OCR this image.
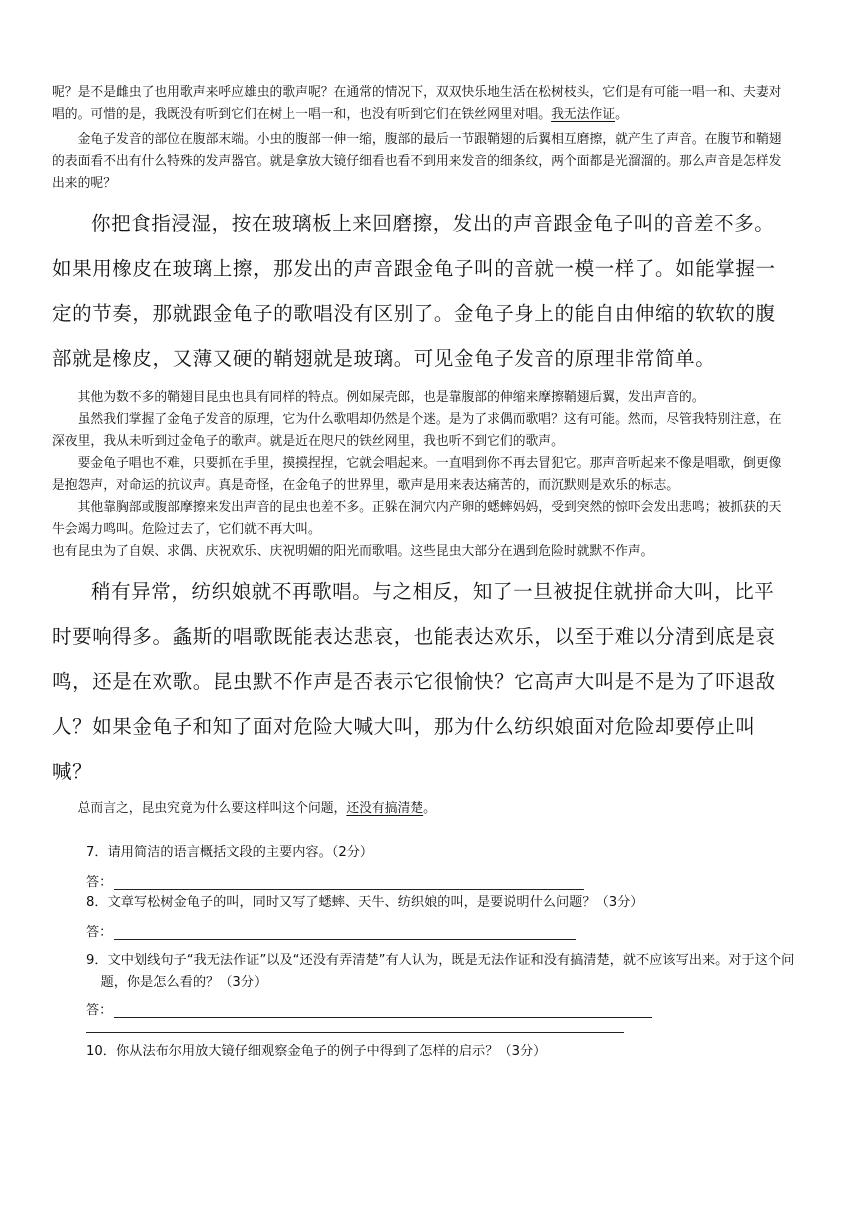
呢？是不是雌虫了也用歌声来呼应雄虫的歌声呢？在通常的情况下，双双快乐地生活在松树枝头，它们是有可能一唱一和、夫妻对唱的。可惜的是，我既没有听到它们在树上一唱一和，也没有听到它们在铁丝网里对唱。我无法作证。

金龟子发音的部位在腹部末端。小虫的腹部一伸一缩，腹部的最后一节跟鞘翅的后翼相互磨擦，就产生了声音。在腹节和鞘翅的表面看不出有什么特殊的发声器官。就是拿放大镜仔细看也看不到用来发音的细条纹，两个面都是光溜溜的。那么声音是怎样发出来的呢？

你把食指浸湿，按在玻璃板上来回磨擦，发出的声音跟金龟子叫的音差不多。如果用橡皮在玻璃上擦，那发出的声音跟金龟子叫的音就一模一样了。如能掌握一定的节奏，那就跟金龟子的歌唱没有区别了。金龟子身上的能自由伸缩的软软的腹部就是橡皮，又薄又硬的鞘翅就是玻璃。可见金龟子发音的原理非常简单。

其他为数不多的鞘翅目昆虫也具有同样的特点。例如屎壳郎，也是靠腹部的伸缩来摩擦鞘翅后翼，发出声音的。

虽然我们掌握了金龟子发音的原理，它为什么歌唱却仍然是个迷。是为了求偶而歌唱？这有可能。然而，尽管我特别注意，在深夜里，我从未听到过金龟子的歌声。就是近在咫尺的铁丝网里，我也听不到它们的歌声。

要金龟子唱也不难，只要抓在手里，摸摸捏捏，它就会唱起来。一直唱到你不再去冒犯它。那声音听起来不像是唱歌，倒更像是抱怨声，对命运的抗议声。真是奇怪，在金龟子的世界里，歌声是用来表达痛苦的，而沉默则是欢乐的标志。

其他靠胸部或腹部摩擦来发出声音的昆虫也差不多。正躲在洞穴内产卵的蟋蟀妈妈，受到突然的惊吓会发出悲鸣；被抓获的天牛会竭力鸣叫。危险过去了，它们就不再大叫。

也有昆虫为了自娱、求偶、庆祝欢乐、庆祝明媚的阳光而歌唱。这些昆虫大部分在遇到危险时就默不作声。

稍有异常，纺织娘就不再歌唱。与之相反，知了一旦被捉住就拼命大叫，比平时要响得多。螽斯的唱歌既能表达悲哀，也能表达欢乐，以至于难以分清到底是哀鸣，还是在欢歌。昆虫默不作声是否表示它很愉快？它高声大叫是不是为了吓退敌人？如果金龟子和知了面对危险大喊大叫，那为什么纺织娘面对危险却要停止叫喊？

总而言之，昆虫究竟为什么要这样叫这个问题，还没有搞清楚。

7．请用简洁的语言概括文段的主要内容。（2分）

答：

8．文章写松树金龟子的叫，同时又写了蟋蟀、天牛、纺织娘的叫，是要说明什么问题？（3分）

答：

9．文中划线句子“我无法作证”以及“还没有弄清楚”有人认为，既是无法作证和没有搞清楚，就不应该写出来。对于这个问题，你是怎么看的？（3分）

答：

10．你从法布尔用放大镜仔细观察金龟子的例子中得到了怎样的启示？（3分）
